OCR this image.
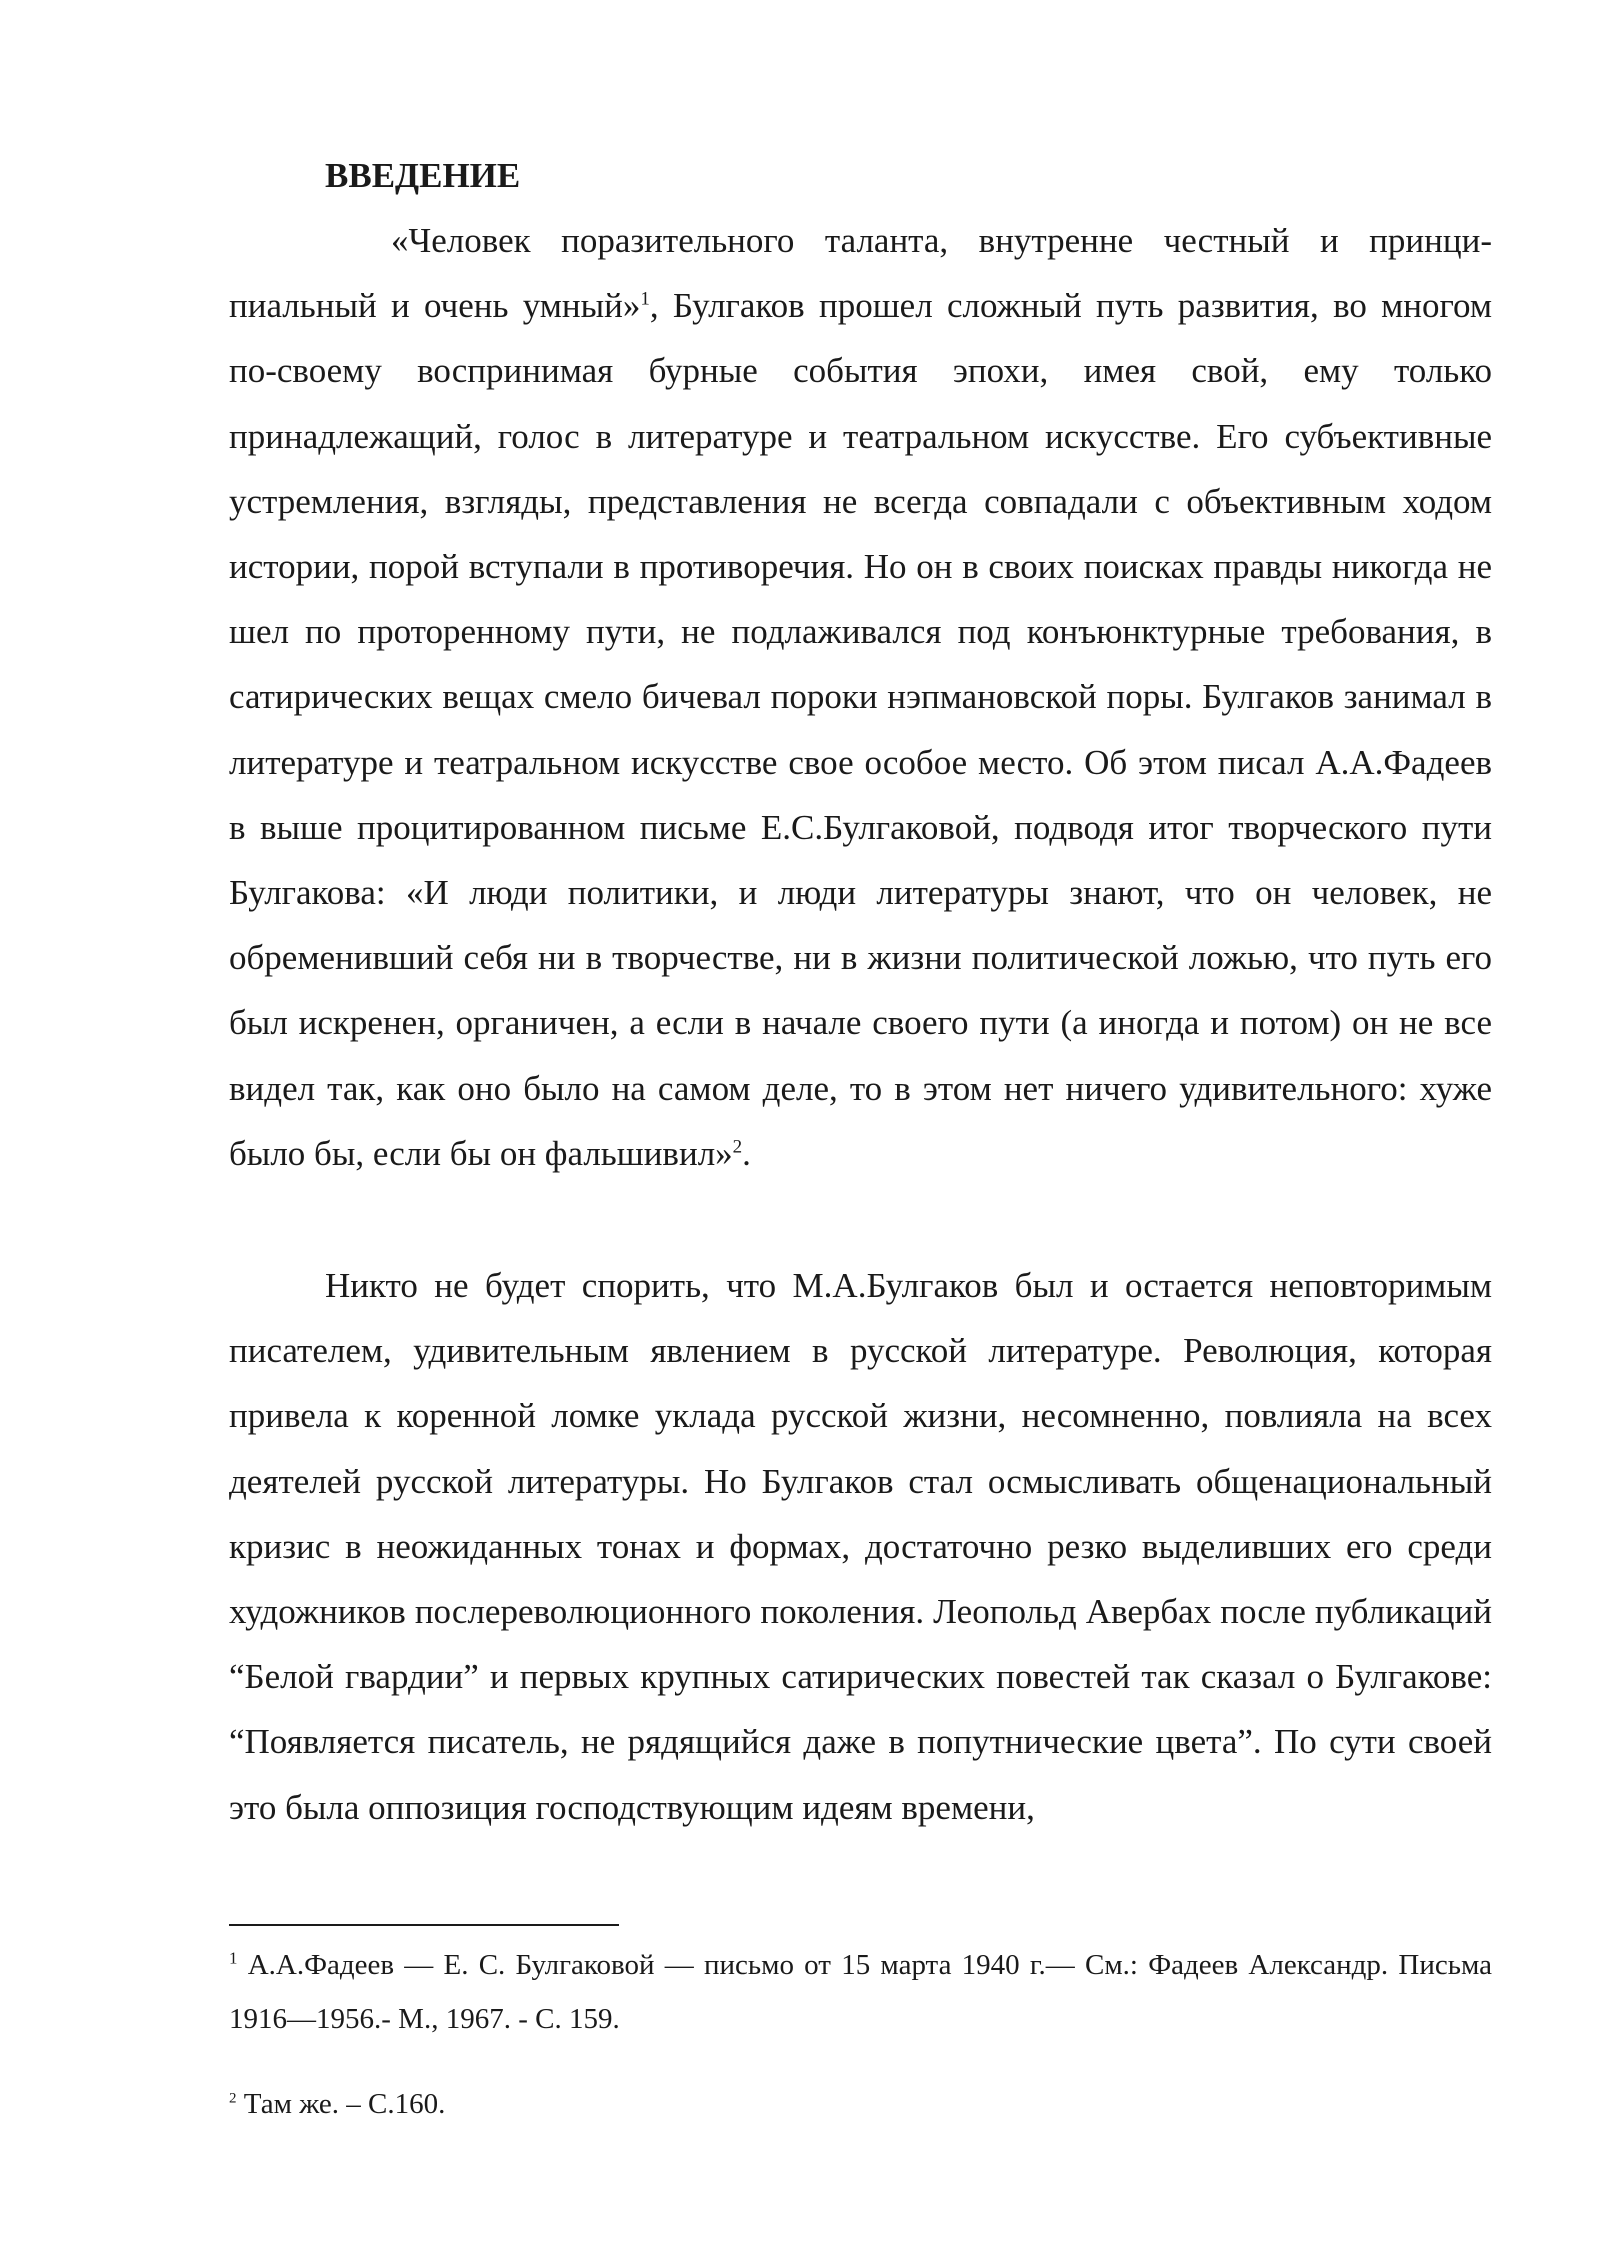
ВВЕДЕНИЕ

«Человек поразительного таланта, внутренне честный и принципиальный и очень умный»$^1$, Булгаков прошел сложный путь развития, во многом по-своему воспринимая бурные события эпохи, имея свой, ему только принадлежащий, голос в литературе и театральном искусстве. Его субъективные устремления, взгляды, представления не всегда совпадали с объективным ходом истории, порой вступали в противоречия. Но он в своих поисках правды никогда не шел по проторенному пути, не подлаживался под конъюнктурные требования, в сатирических вещах смело бичевал пороки нэпмановской поры. Булгаков занимал в литературе и театральном искусстве свое особое место. Об этом писал А.А.Фадеев в выше процитированном письме Е.С.Булгаковой, подводя итог творческого пути Булгакова: «И люди политики, и люди литературы знают, что он человек, не обременивший себя ни в творчестве, ни в жизни политической ложью, что путь его был искренен, органичен, а если в начале своего пути (а иногда и потом) он не все видел так, как оно было на самом деле, то в этом нет ничего удивительного: хуже было бы, если бы он фальшивил»$^2$.

Никто не будет спорить, что М.А.Булгаков был и остается неповторимым писателем, удивительным явлением в русской литературе. Революция, которая привела к коренной ломке уклада русской жизни, несомненно, повлияла на всех деятелей русской литературы. Но Булгаков стал осмысливать общенациональный кризис в неожиданных тонах и формах, достаточно резко выделивших его среди художников послереволюционного поколения. Леопольд Авербах после публикаций “Белой гвардии” и первых крупных сатирических повестей так сказал о Булгакове: “Появляется писатель, не рядящийся даже в попутнические цвета”. По сути своей это была оппозиция господствующим идеям времени,

$^1$ А.А.Фадеев — Е. С. Булгаковой — письмо от 15 марта 1940 г.— См.: Фадеев Александр. Письма 1916—1956.- М., 1967. - С. 159.

$^2$ Там же. – С.160.
